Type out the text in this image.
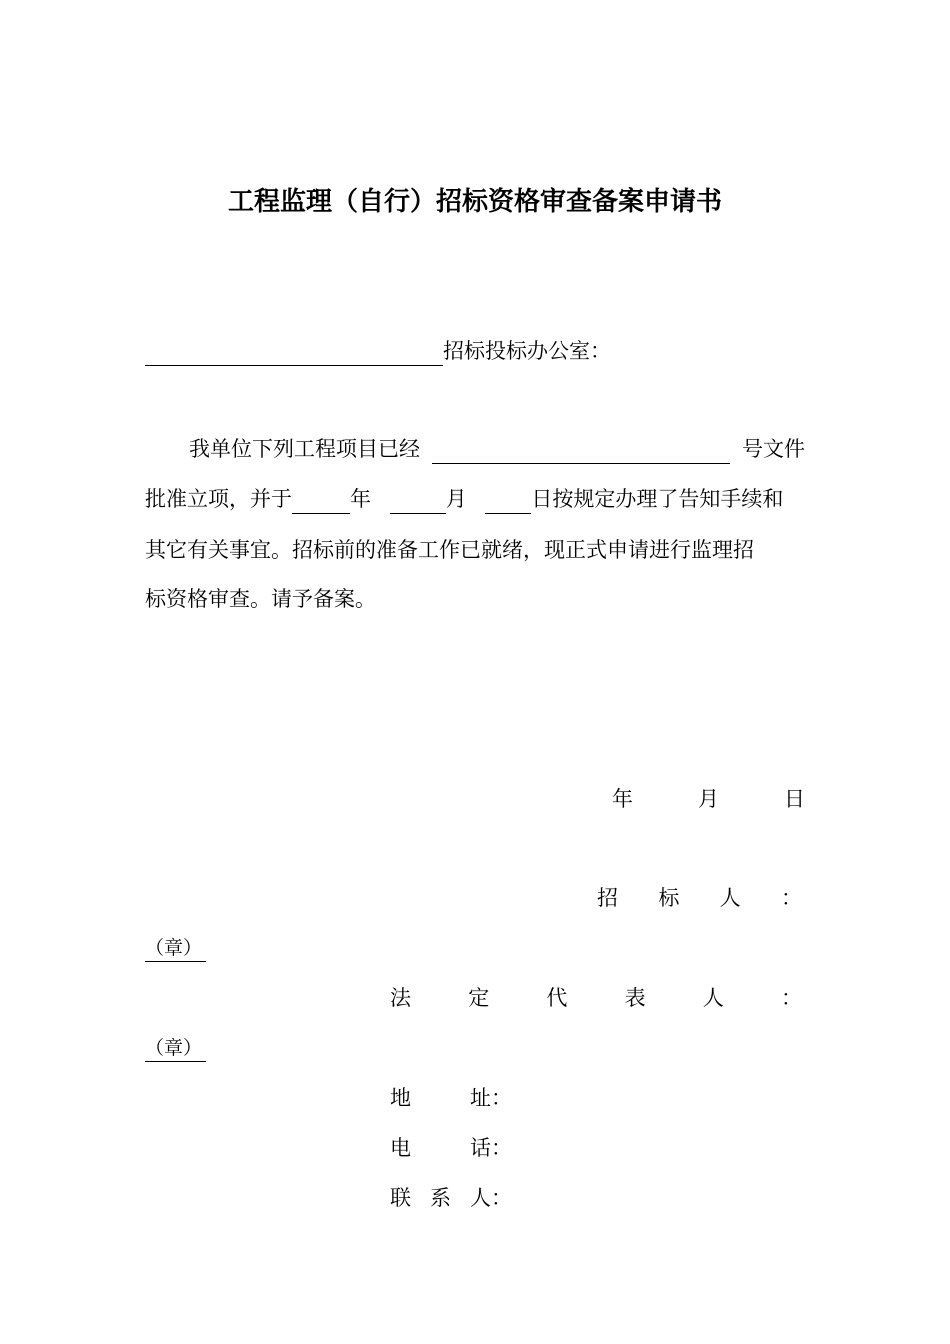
工程监理（自行）招标资格审查备案申请书
招标投标办公室：
我单位下列工程项目已经	号文件
批准立项，并于	年	月	日按规定办理了告知手续和
其它有关事宜。招标前的准备工作已就绪，现正式申请进行监理招
标资格审查。请予备案。
年	月	日
招 标 人 ：
（章）
法	定	代	表	人	：
（章）
地	址：
电	话：
联 系 人：
